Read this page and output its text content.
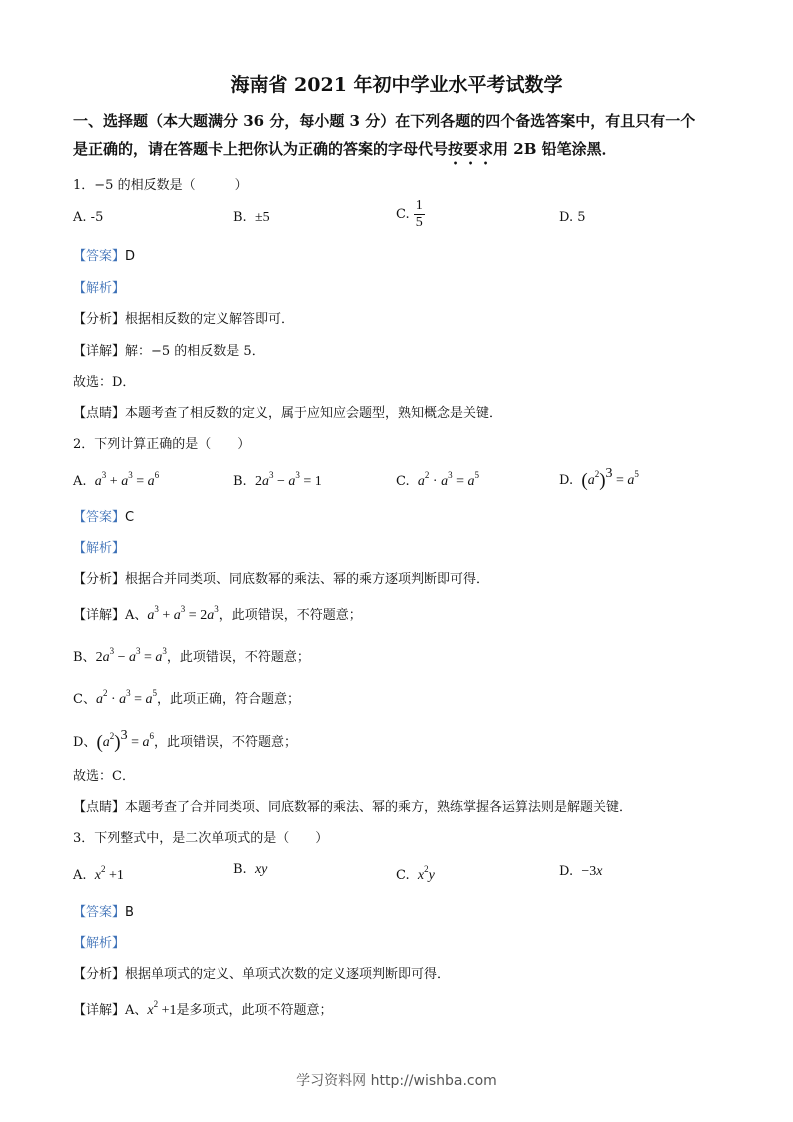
海南省 2021 年初中学业水平考试数学
一、选择题（本大题满分 36 分，每小题 3 分）在下列各题的四个备选答案中，有且只有一个
是正确的，请在答题卡上把你认为正确的答案的字母代号按要求用 2B 铅笔涂黑．
1．−5 的相反数是（　　　）
A. -5	B. ±5	C. $\frac{1}{5}$	D. 5
【答案】D
【解析】
【分析】根据相反数的定义解答即可．
【详解】解：−5 的相反数是 5．
故选：D．
【点睛】本题考查了相反数的定义，属于应知应会题型，熟知概念是关键．
2．下列计算正确的是（　　）
A. $a^3 + a^3 = a^6$	B. $2a^3 - a^3 = 1$	C. $a^2 \cdot a^3 = a^5$	D. $(a^2)^3 = a^5$
【答案】C
【解析】
【分析】根据合并同类项、同底数幂的乘法、幂的乘方逐项判断即可得．
【详解】A、$a^3 + a^3 = 2a^3$，此项错误，不符题意；
B、$2a^3 - a^3 = a^3$，此项错误，不符题意；
C、$a^2 \cdot a^3 = a^5$，此项正确，符合题意；
D、$(a^2)^3 = a^6$，此项错误，不符题意；
故选：C．
【点睛】本题考查了合并同类项、同底数幂的乘法、幂的乘方，熟练掌握各运算法则是解题关键．
3．下列整式中，是二次单项式的是（　　）
A. $x^2 +1$	B. xy	C. $x^2y$	D. −3x
【答案】B
【解析】
【分析】根据单项式的定义、单项式次数的定义逐项判断即可得．
【详解】A、$x^2 +1$是多项式，此项不符题意；
学习资料网 http://wishba.com
